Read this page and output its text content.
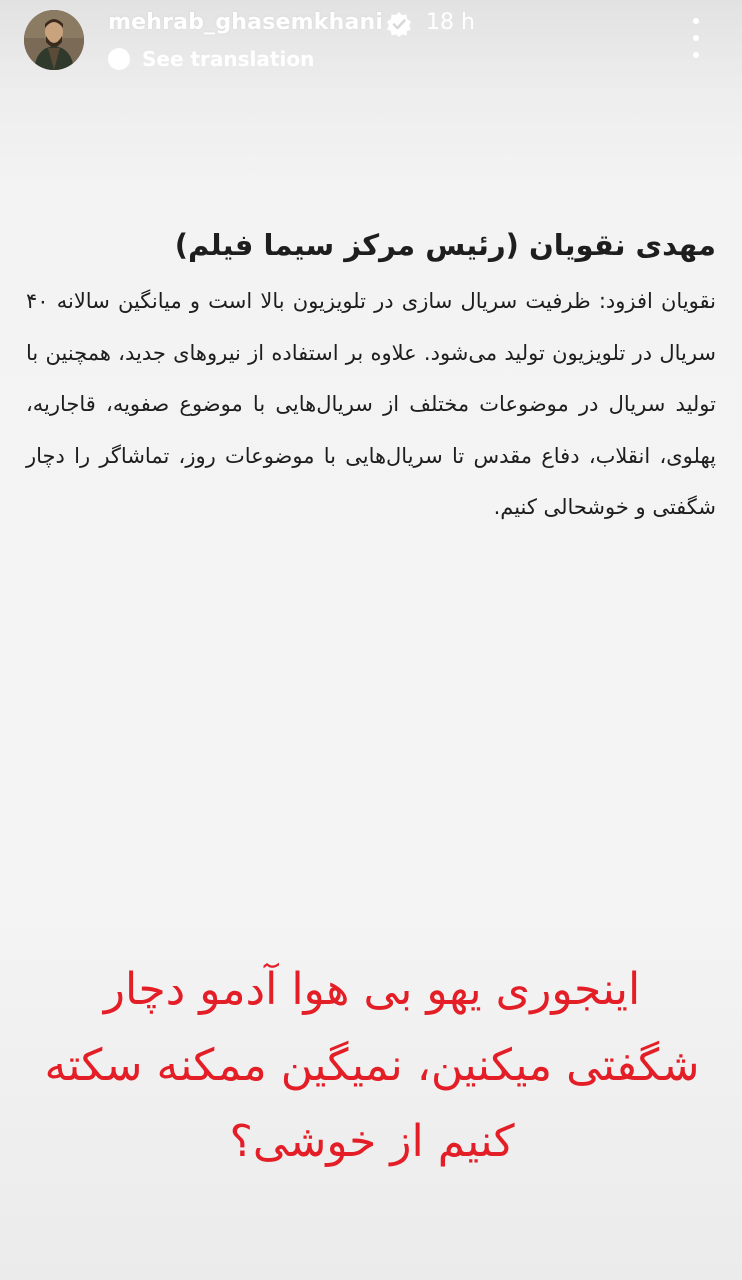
mehrab_ghasemkhani 18 h
See translation
مهدی نقویان (رئیس مرکز سیما فیلم)

نقویان افزود: ظرفیت سریال سازی در تلویزیون بالا است و میانگین سالانه ۴۰ سریال در تلویزیون تولید می‌شود. علاوه بر استفاده از نیروهای جدید، همچنین با تولید سریال در موضوعات مختلف از سریال‌هایی با موضوع صفویه، قاجاریه، پهلوی، انقلاب، دفاع مقدس تا سریال‌هایی با موضوعات روز، تماشاگر را دچار شگفتی و خوشحالی کنیم.

اینجوری یهو بی هوا آدمو دچار شگفتی میکنین، نمیگین ممکنه سکته کنیم از خوشی؟
